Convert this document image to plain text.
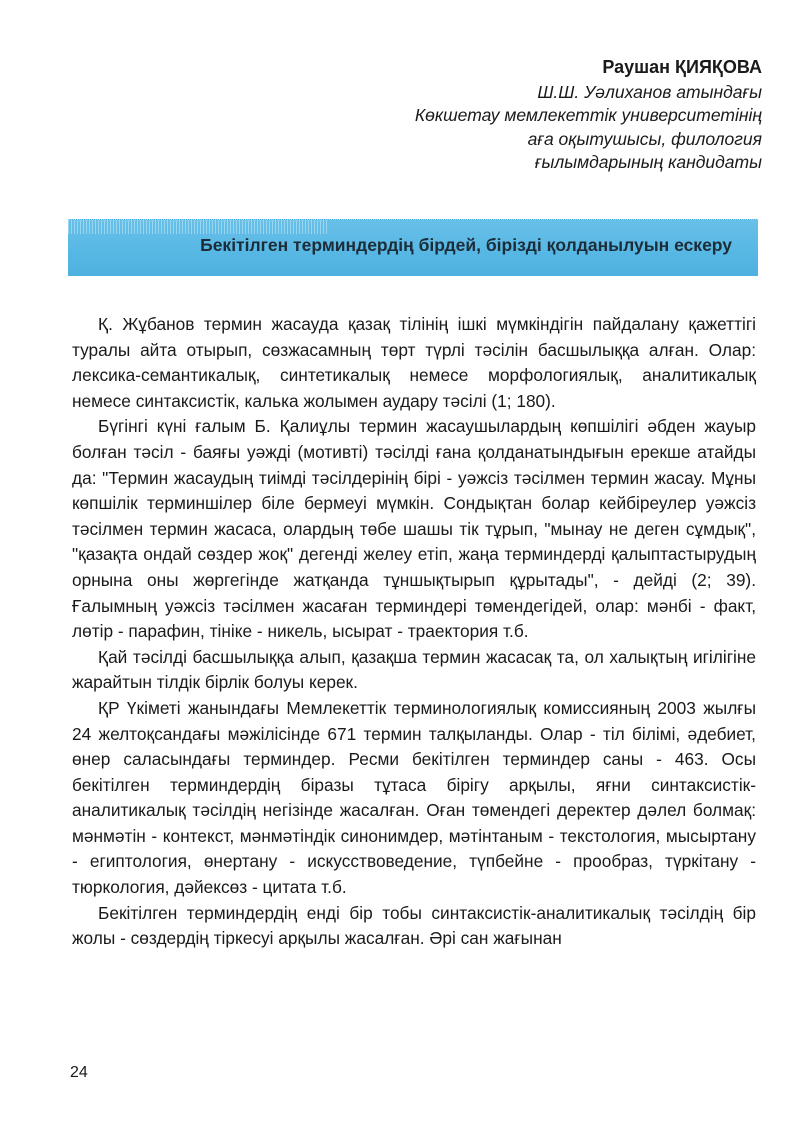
Раушан ҚИЯҚОВА
Ш.Ш. Уәлиханов атындағы
Көкшетау мемлекеттік университетінің
аға оқытушысы, филология
ғылымдарының кандидаты
Бекітілген терминдердің бірдей, бірізді қолданылуын ескеру

Қ. Жұбанов термин жасауда қазақ тілінің ішкі мүмкіндігін пайдалану қажеттігі туралы айта отырып, сөзжасамның төрт түрлі тәсілін басшылыққа алған. Олар: лексика-семантикалық, синтетикалық немесе морфологиялық, аналитикалық немесе синтаксистік, калька жолымен аудару тәсілі (1; 180).

Бүгінгі күні ғалым Б. Қалиұлы термин жасаушылардың көпшілігі әбден жауыр болған тәсіл - баяғы уәжді (мотивті) тәсілді ғана қолданатындығын ерекше атайды да: "Термин жасаудың тиімді тәсілдерінің бірі - уәжсіз тәсілмен термин жасау. Мұны көпшілік терминшілер біле бермеуі мүмкін. Сондықтан болар кейбіреулер уәжсіз тәсілмен термин жасаса, олардың төбе шашы тік тұрып, "мынау не деген сұмдық", "қазақта ондай сөздер жоқ" дегенді желеу етіп, жаңа терминдерді қалыптастырудың орнына оны жөргегінде жатқанда тұншықтырып құрытады", - дейді (2; 39). Ғалымның уәжсіз тәсілмен жасаған терминдері төмендегідей, олар: мәнбі - факт, лөтір - парафин, тініке - никель, ысырат - траектория т.б.

Қай тәсілді басшылыққа алып, қазақша термин жасасақ та, ол халықтың игілігіне жарайтын тілдік бірлік болуы керек.

ҚР Үкіметі жанындағы Мемлекеттік терминологиялық комиссияның 2003 жылғы 24 желтоқсандағы мәжілісінде 671 термин талқыланды. Олар - тіл білімі, әдебиет, өнер саласындағы терминдер. Ресми бекітілген терминдер саны - 463. Осы бекітілген терминдердің біразы тұтаса бірігу арқылы, яғни синтаксистік-аналитикалық тәсілдің негізінде жасалған. Оған төмендегі деректер дәлел болмақ: мәнмәтін - контекст, мәнмәтіндік синонимдер, мәтінтаным - текстология, мысыртану - египтология, өнертану - искусствоведение, түпбейне - прообраз, түркітану - тюркология, дәйексөз - цитата т.б.

Бекітілген терминдердің енді бір тобы синтаксистік-аналитикалық тәсілдің бір жолы - сөздердің тіркесуі арқылы жасалған. Әрі сан жағынан

24
